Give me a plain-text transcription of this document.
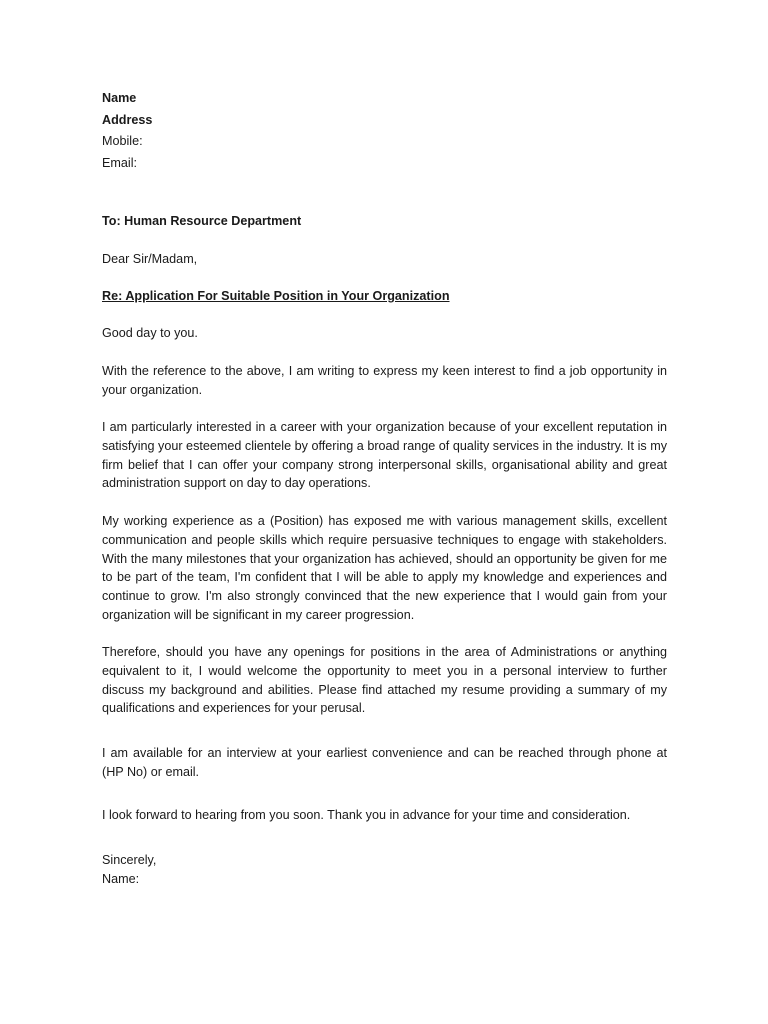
Name
Address
Mobile:
Email:
To: Human Resource Department
Dear Sir/Madam,
Re: Application For Suitable Position in Your Organization
Good day to you.

With the reference to the above, I am writing to express my keen interest to find a job opportunity in your organization.

I am particularly interested in a career with your organization because of your excellent reputation in satisfying your esteemed clientele by offering a broad range of quality services in the industry. It is my firm belief that I can offer your company strong interpersonal skills, organisational ability and great administration support on day to day operations.

My working experience as a (Position) has exposed me with various management skills, excellent communication and people skills which require persuasive techniques to engage with stakeholders. With the many milestones that your organization has achieved, should an opportunity be given for me to be part of the team, I'm confident that I will be able to apply my knowledge and experiences and continue to grow. I'm also strongly convinced that the new experience that I would gain from your organization will be significant in my career progression.

Therefore, should you have any openings for positions in the area of Administrations or anything equivalent to it, I would welcome the opportunity to meet you in a personal interview to further discuss my background and abilities. Please find attached my resume providing a summary of my qualifications and experiences for your perusal.

I am available for an interview at your earliest convenience and can be reached through phone at (HP No) or email.

I look forward to hearing from you soon. Thank you in advance for your time and consideration.

Sincerely,
Name:
